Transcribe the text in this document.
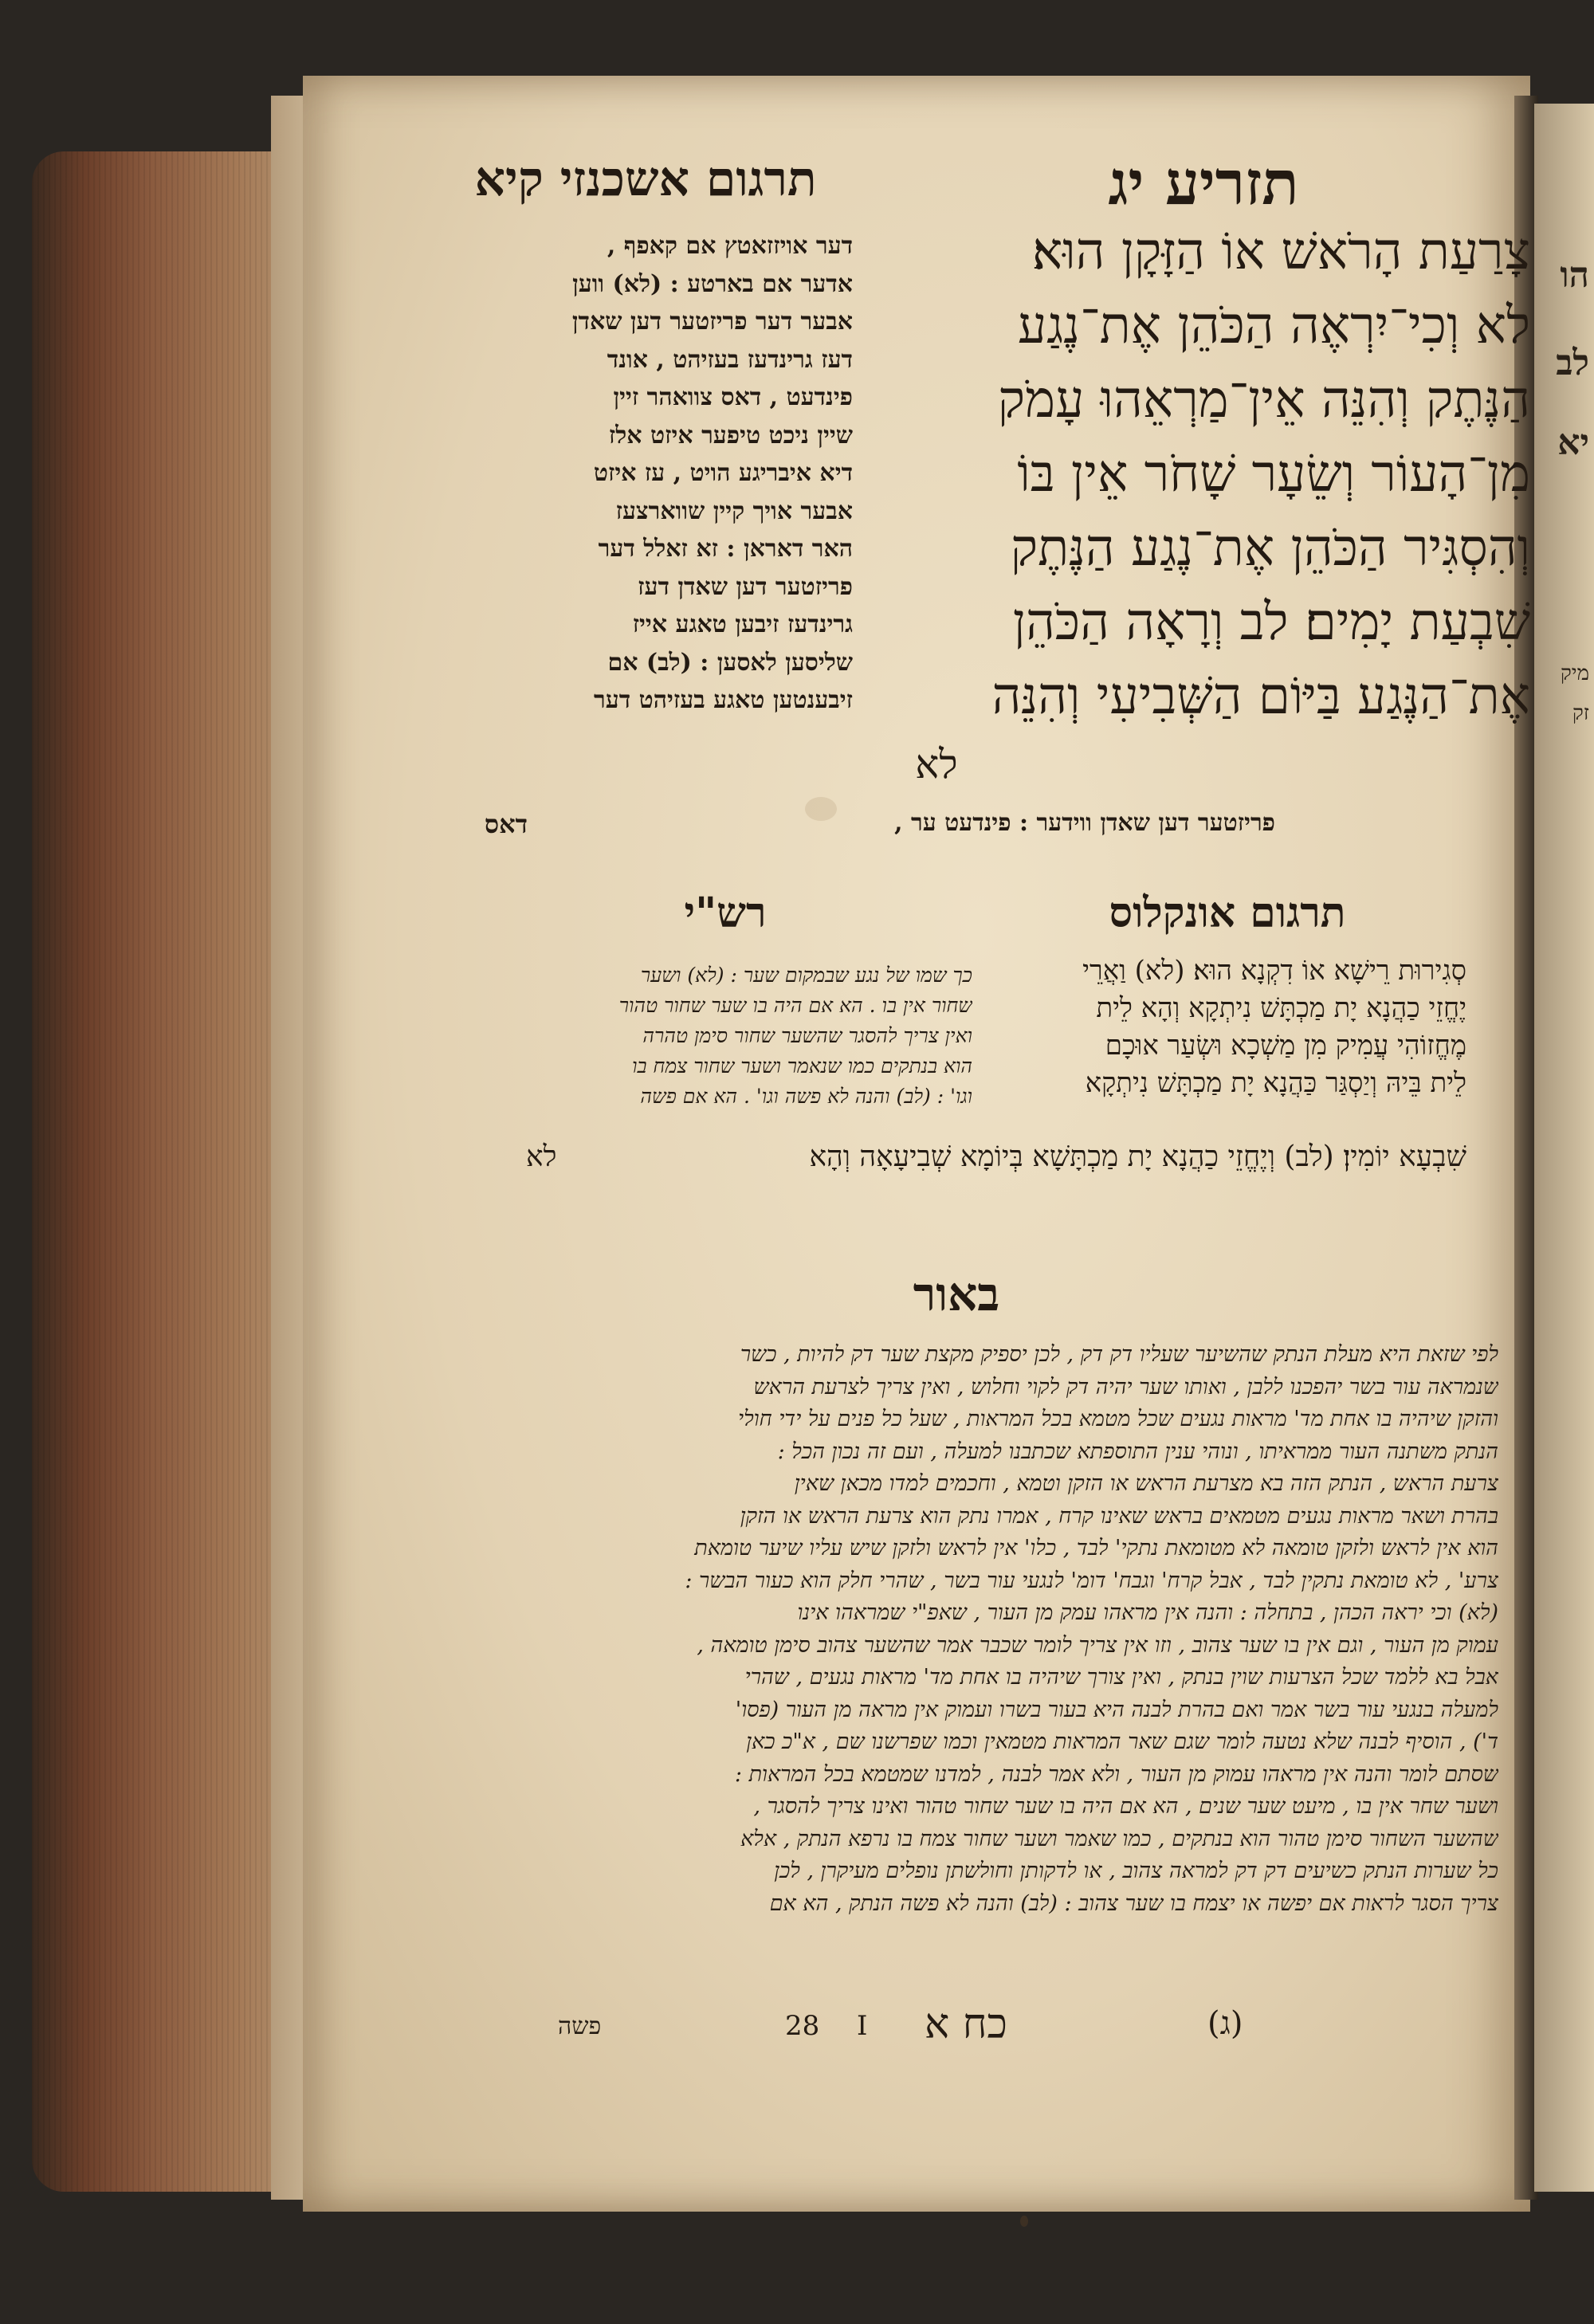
הו
לב
יא
מיק
זק
תזריע יג
תרגום אשכנזי קיא
צָרַעַת הָרֹאשׁ אוֹ הַזָּקָן הוּא׃
לא וְכִי־יִרְאֶה הַכֹּהֵן אֶת־נֶגַע
הַנֶּתֶק וְהִנֵּה אֵין־מַרְאֵהוּ עָמֹק
מִן־הָעוֹר וְשֵׂעָר שָׁחֹר אֵין בּוֹ
וְהִסְגִּיר הַכֹּהֵן אֶת־נֶגַע הַנֶּתֶק
שִׁבְעַת יָמִים׃ לב וְרָאָה הַכֹּהֵן
אֶת־הַנֶּגַע בַּיּוֹם הַשְּׁבִיעִי וְהִנֵּה
לא
דער אויזזאטץ אם קאפף ,
אדער אם בארטע : (לא) ווען
אבער דער פריזטער דען שאדן
דעז גרינדעז בעזיהט , אונד
פינדעט , דאס צוואהר זיין
שיין ניכט טיפער איזט אלז
דיא איבריגע הויט , עז איזט
אבער אויך קיין שווארצעז
האר דאראן : זא זאלל דער
פריזטער דען שאדן דעז
גרינדעז זיבען טאגע אייז
שליסען לאסען : (לב) אם
זיבענטען טאגע בעזיהט דער
פריזטער דען שאדן ווידער : פינדעט ער ,
דאס
תרגום אונקלוס
רש"י
סְגִירוּת רֵישָׁא אוֹ דִקְנָא הוּא׃ (לא) וַאֲרֵי
יֶחֱזֵי כַהֲנָא יָת מַכְתָּשׁ נִיתְקָא וְהָא לֵית
מֶחֱזוֹהִי עֲמִיק מִן מַשְׁכָא וּשְׂעַר אוּכָם
לֵית בֵּיהּ וְיַסְגַּר כַּהֲנָא יָת מַכְתָּשׁ נִיתְקָא
כך שמו של נגע שבמקום שער : (לא) ושער
שחור אין בו . הא אם היה בו שער שחור טהור
ואין צריך להסגר שהשער שחור סימן טהרה
הוא בנתקים כמו שנאמר ושער שחור צמח בו
וגו' : (לב) והנה לא פשה וגו' . הא אם פשה
שִׁבְעָא יוֹמִין׃ (לב) וְיֶחֱזֵי כַהֲנָא יָת מַכְתָּשָׁא בְּיוֹמָא שְׁבִיעָאָה וְהָא
לא
באור
לפי שזאת היא מעלת הנתק שהשיער שעליו דק דק , לכן יספיק מקצת שער דק להיות , כשר
שנמראה עור בשר יהפכנו ללבן , ואותו שער יהיה דק לקוי וחלוש , ואין צריך לצרעת הראש
והזקן שיהיה בו אחת מד' מראות נגעים שכל מטמא בכל המראות , שעל כל פנים על ידי חולי
הנתק משתנה העור ממראיתו , ונוהי ענין התוספתא שכתבנו למעלה , ועם זה נכון הכל :
צרעת הראש , הנתק הזה בא מצרעת הראש או הזקן וטמא , וחכמים למדו מכאן שאין
בהרת ושאר מראות נגעים מטמאים בראש שאינו קרח , אמרו נתק הוא צרעת הראש או הזקן
הוא אין לראש ולזקן טומאה לא מטומאת נתקי' לבד , כלו' אין לראש ולזקן שיש עליו שיער טומאת
צרע' , לא טומאת נתקין לבד , אבל קרח' וגבח' דומ' לנגעי עור בשר , שהרי חלק הוא כעור הבשר :
(לא) וכי יראה הכהן , בתחלה : והנה אין מראהו עמק מן העור , שאפ"י שמראהו אינו
עמוק מן העור , וגם אין בו שער צהוב , וזו אין צריך לומר שכבר אמר שהשער צהוב סימן טומאה ,
אבל בא ללמד שכל הצרעות שוין בנתק , ואין צורך שיהיה בו אחת מד' מראות נגעים , שהרי
למעלה בנגעי עור בשר אמר ואם בהרת לבנה היא בעור בשרו ועמוק אין מראה מן העור (פסו'
ד') , הוסיף לבנה שלא נטעה לומר שגם שאר המראות מטמאין וכמו שפרשנו שם , א"כ כאן
שסתם לומר והנה אין מראהו עמוק מן העור , ולא אמר לבנה , למדנו שמטמא בכל המראות :
ושער שחר אין בו , מיעט שער שנים , הא אם היה בו שער שחור טהור ואינו צריך להסגר ,
שהשער השחור סימן טהור הוא בנתקים , כמו שאמר ושער שחור צמח בו נרפא הנתק , אלא
כל שערות הנתק כשיעים דק דק למראה צהוב , או לדקותן וחולשתן נופלים מעיקרן , לכן
צריך הסגר לראות אם יפשה או יצמח בו שער צהוב : (לב) והנה לא פשה הנתק , הא אם
פשה	28 I כח א	(ג)
